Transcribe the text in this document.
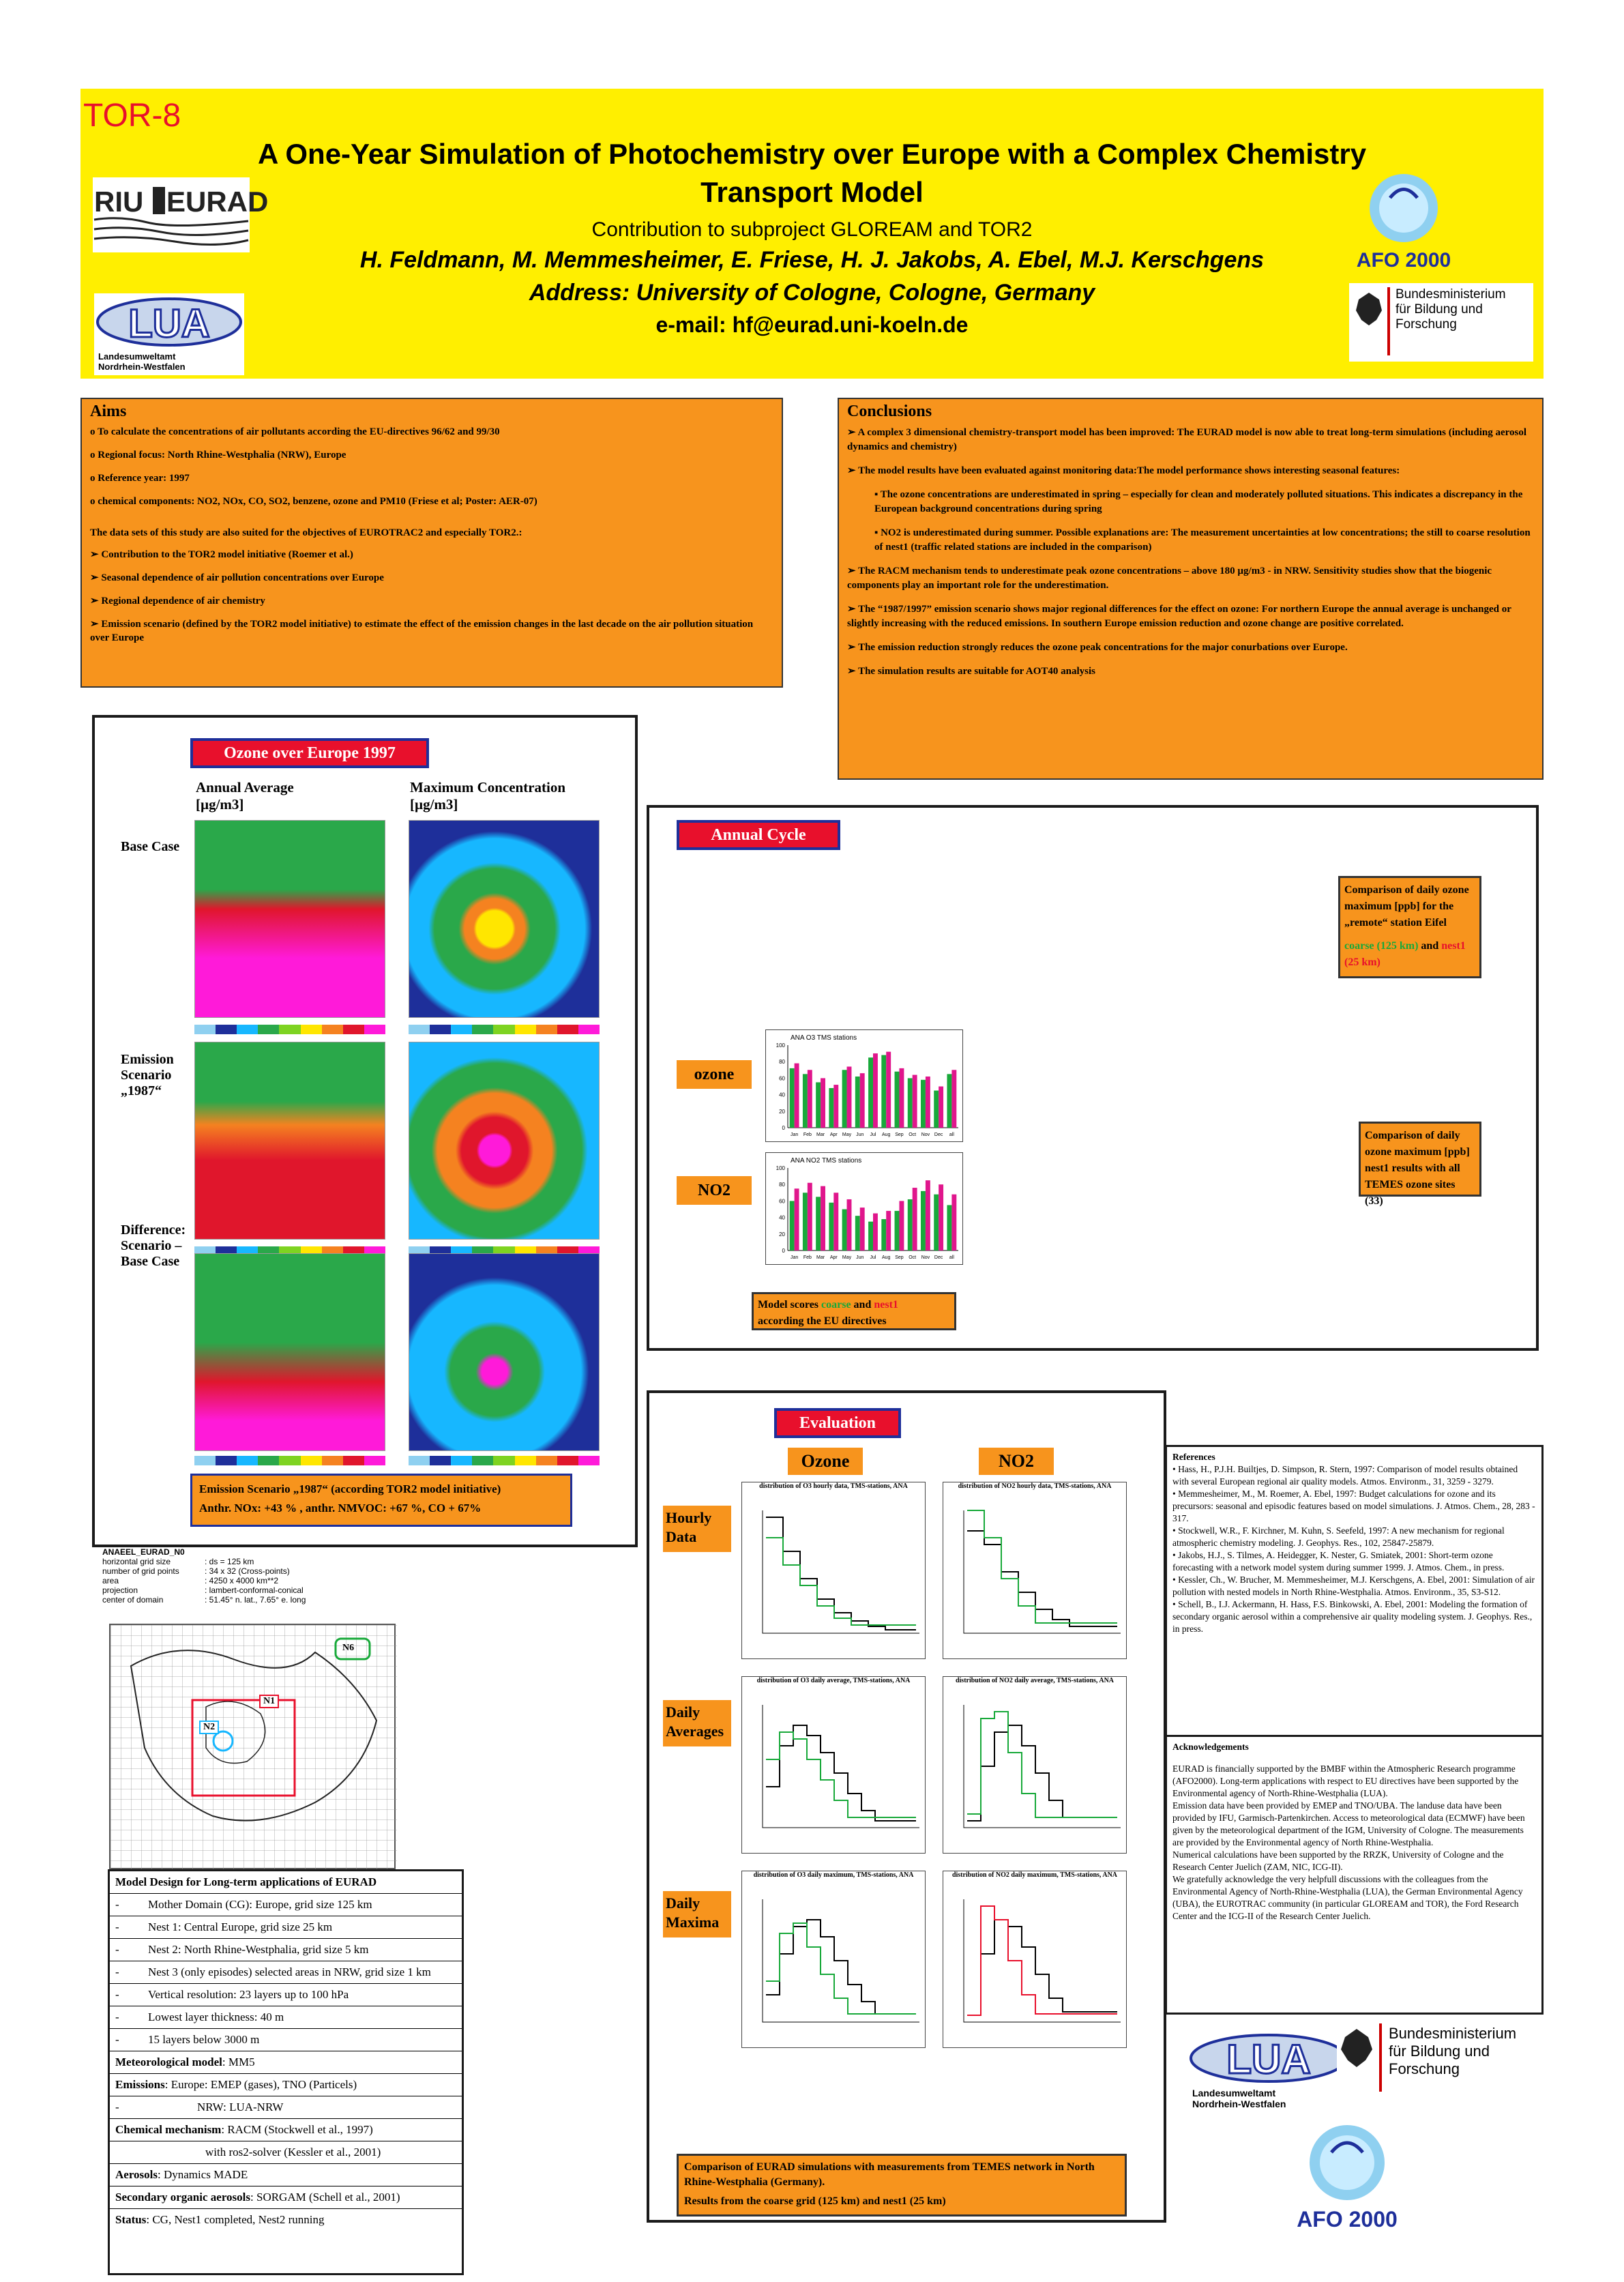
TOR-8
A One-Year Simulation of Photochemistry over Europe with a Complex Chemistry
Transport Model
Contribution to subproject GLOREAM and TOR2
H. Feldmann, M. Memmesheimer, E. Friese, H. J. Jakobs, A. Ebel, M.J. Kerschgens
Address: University of Cologne, Cologne, Germany
e-mail: hf@eurad.uni-koeln.de
RIU EURAD
LUA
Landesumweltamt Nordrhein-Westfalen
AFO 2000
Bundesministerium für Bildung und Forschung
Aims
o To calculate the concentrations of air pollutants according the EU-directives 96/62 and 99/30
o Regional focus: North Rhine-Westphalia (NRW), Europe
o Reference year: 1997
o chemical components: NO2, NOx, CO, SO2, benzene, ozone and PM10 (Friese et al; Poster: AER-07)
The data sets of this study are also suited for the objectives of EUROTRAC2 and especially TOR2.:
➢ Contribution to the TOR2 model initiative (Roemer et al.)
➢ Seasonal dependence of air pollution concentrations over Europe
➢ Regional dependence of air chemistry
➢ Emission scenario (defined by the TOR2 model initiative) to estimate the effect of the emission changes in the last decade on the air pollution situation over Europe
Conclusions
➢ A complex 3 dimensional chemistry-transport model has been improved: The EURAD model is now able to treat long-term simulations (including aerosol dynamics and chemistry)
➢ The model results have been evaluated against monitoring data:The model performance shows interesting seasonal features:
▪ The ozone concentrations are underestimated in spring – especially for clean and moderately polluted situations. This indicates a discrepancy in the European background concentrations during spring
▪ NO2 is underestimated during summer. Possible explanations are: The measurement uncertainties at low concentrations; the still to coarse resolution of nest1 (traffic related stations are included in the comparison)
➢ The RACM mechanism tends to underestimate peak ozone concentrations – above 180 µg/m3 - in NRW. Sensitivity studies show that the biogenic components play an important role for the underestimation.
➢ The “1987/1997” emission scenario shows major regional differences for the effect on ozone: For northern Europe the annual average is unchanged or slightly increasing with the reduced emissions. In southern Europe emission reduction and ozone change are positive correlated.
➢ The emission reduction strongly reduces the ozone peak concentrations for the major conurbations over Europe.
➢ The simulation results are suitable for AOT40 analysis
Ozone over Europe 1997
Annual Average
[µg/m3]
Maximum Concentration
[µg/m3]
Base Case
Emission Scenario „1987“
Difference: Scenario – Base Case
Emission Scenario „1987“ (according TOR2 model initiative)
Anthr. NOx: +43 % , anthr. NMVOC: +67 %, CO + 67%
Annual Cycle
ozone
NO2
ANA O3 TMS stations
0
20
40
60
80
100
Jan Feb Mar Apr May Jun Jul Aug Sep Oct Nov Dec all
ANA NO2 TMS stations
0
20
40
60
80
100
Jan Feb Mar Apr May Jun Jul Aug Sep Oct Nov Dec all
Model scores coarse and nest1
according the EU directives
Comparison of daily ozone maximum [ppb] for the „remote“ station Eifel
coarse (125 km) and nest1 (25 km)
Comparison of daily ozone maximum [ppb] nest1 results with all TEMES ozone sites (33)
Evaluation
Ozone	NO2
Hourly Data
Daily Averages
Daily Maxima
distribution of O3 hourly data, TMS-stations, ANA	distribution of NO2 hourly data, TMS-stations, ANA
distribution of O3 daily average, TMS-stations, ANA	distribution of NO2 daily average, TMS-stations, ANA
distribution of O3 daily maximum, TMS-stations, ANA	distribution of NO2 daily maximum, TMS-stations, ANA
Comparison of EURAD simulations with measurements from TEMES network in North Rhine-Westphalia (Germany).
Results from the coarse grid (125 km) and nest1 (25 km)
ANAEEL_EURAD_N0
horizontal grid size	: ds = 125 km
number of grid points	: 34 x 32 (Cross-points)
area	: 4250 x 4000 km**2
projection	: lambert-conformal-conical
center of domain	: 51.45° n. lat., 7.65° e. long
N1
N2
N6
Model Design for Long-term applications of EURAD
-	Mother Domain (CG): Europe, grid size 125 km
-	Nest 1: Central Europe, grid size 25 km
-	Nest 2: North Rhine-Westphalia, grid size 5 km
-	Nest 3 (only episodes) selected areas in NRW, grid size 1 km
-	Vertical resolution: 23 layers up to 100 hPa
-	Lowest layer thickness: 40 m
-	15 layers below 3000 m
Meteorological model: MM5
Emissions: Europe: EMEP (gases), TNO (Particels)
-	NRW: LUA-NRW
Chemical mechanism: RACM (Stockwell et al., 1997)
with ros2-solver (Kessler et al., 2001)
Aerosols: Dynamics MADE
Secondary organic aerosols: SORGAM (Schell et al., 2001)
Status: CG, Nest1 completed, Nest2 running
References
• Hass, H., P.J.H. Builtjes, D. Simpson, R. Stern, 1997: Comparison of model results obtained with several European regional air quality models. Atmos. Environm., 31, 3259 - 3279.
• Memmesheimer, M., M. Roemer, A. Ebel, 1997: Budget calculations for ozone and its precursors: seasonal and episodic features based on model simulations. J. Atmos. Chem., 28, 283 - 317.
• Stockwell, W.R., F. Kirchner, M. Kuhn, S. Seefeld, 1997: A new mechanism for regional atmospheric chemistry modeling. J. Geophys. Res., 102, 25847-25879.
• Jakobs, H.J., S. Tilmes, A. Heidegger, K. Nester, G. Smiatek, 2001: Short-term ozone forecasting with a network model system during summer 1999. J. Atmos. Chem., in press.
• Kessler, Ch., W. Brucher, M. Memmesheimer, M.J. Kerschgens, A. Ebel, 2001: Simulation of air pollution with nested models in North Rhine-Westphalia. Atmos. Environm., 35, S3-S12.
• Schell, B., I.J. Ackermann, H. Hass, F.S. Binkowski, A. Ebel, 2001: Modeling the formation of secondary organic aerosol within a comprehensive air quality modeling system. J. Geophys. Res., in press.
Acknowledgements
EURAD is financially supported by the BMBF within the Atmospheric Research programme (AFO2000). Long-term applications with respect to EU directives have been supported by the Environmental agency of North-Rhine-Westphalia (LUA).
Emission data have been provided by EMEP and TNO/UBA. The landuse data have been provided by IFU, Garmisch-Partenkirchen. Access to meteorological data (ECMWF) have been given by the meteorological department of the IGM, University of Cologne. The measurements are provided by the Environmental agency of North Rhine-Westphalia.
Numerical calculations have been supported by the RRZK, University of Cologne and the Research Center Juelich (ZAM, NIC, ICG-II).
We gratefully acknowledge the very helpfull discussions with the colleagues from the Environmental Agency of North-Rhine-Westphalia (LUA), the German Environmental Agency (UBA), the EUROTRAC community (in particular GLOREAM and TOR), the Ford Research Center and the ICG-II of the Research Center Juelich.
LUA
Landesumweltamt Nordrhein-Westfalen
Bundesministerium für Bildung und Forschung
AFO 2000
